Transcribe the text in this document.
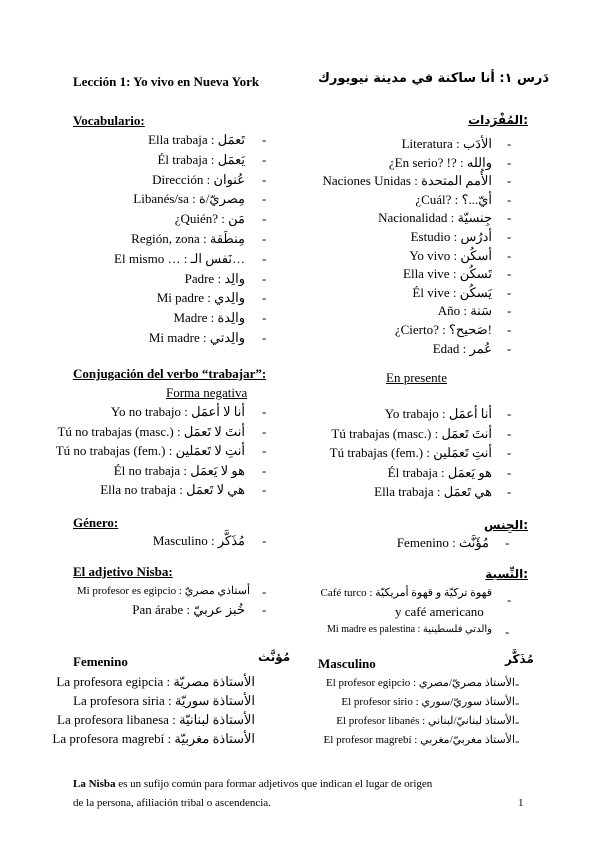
Lección 1: Yo vivo en Nueva York	دَرس ١: أنا ساكنة في مدينة نيويورك
Vocabulario:	المُفْرَدات:
Ella trabaja : تَعمَل -
Él trabaja : يَعمَل -
Dirección : عُنوان -
Libanés/sa : مِصريّ/ة -
¿Quién? : مَن -
Región, zona : مِنطَقة -
El mismo … : نَفس الـ… -
Padre : والِد -
Mi padre : والِدي -
Madre : والِدة -
Mi madre : والِدتي -
Literatura : الأدَب -
¿En serio? !? : والله -
Naciones Unidas : الأُمم المتحدة -
¿Cuál? : أيّ...؟ -
Nacionalidad : جِنسيّة -
Estudio : أدرُس -
Yo vivo : أسكُن -
Ella vive : تَسكُن -
Él vive : يَسكُن -
Año : سَنة -
¿Cierto? : صَحيح؟! -
Edad : عُمر -
Conjugación del verbo “trabajar”:
Forma negativa
En presente
Yo no trabajo : أنا لا أعمَل -
Tú no trabajas (masc.) : أنتَ لا تَعمَل -
Tú no trabajas (fem.) : أنتِ لا تَعمَلين -
Él no trabaja : هو لا يَعمَل -
Ella no trabaja : هي لا تَعمَل -
Yo trabajo : أنا أعمَل -
Tú trabajas (masc.) : أنتَ تَعمَل -
Tú trabajas (fem.) : أنتِ تَعمَلين -
Él trabaja : هو يَعمَل -
Ella trabaja : هي تَعمَل -
Género:	الجِنس:
Masculino : مُذَكَّر -	Femenino : مُؤَنَّث -
El adjetivo Nisba:	النِّسبة:
Mi profesor es egipcio : أستاذي مصريّ -
Pan árabe : خُبز عربيّ -
Café turco : قهوة تركيّة و قهوة أمريكيّة -
y café americano
Mi madre es palestina : والدتي فلسطينية -
Femenino	مُؤنَّث Masculino	مُذَكَّر
La profesora egipcia : الأستاذة مصريّة
La profesora siria : الأستاذة سوريّة
La profesora libanesa : الأستاذة لبنانيّة
La profesora magrebí : الأستاذة مغربيّة
El profesor egipcio : الأستاذ مصريّ/مصري -
El profesor sirio : الأستاذ سوريّ/سوري -
El profesor libanés : الأستاذ لبنانيّ/لبناني -
El profesor magrebí : الأستاذ مغربيّ/مغربي -
La Nisba es un sufijo común para formar adjetivos que indican el lugar de origen
de la persona, afiliación tribal o ascendencia.	1
